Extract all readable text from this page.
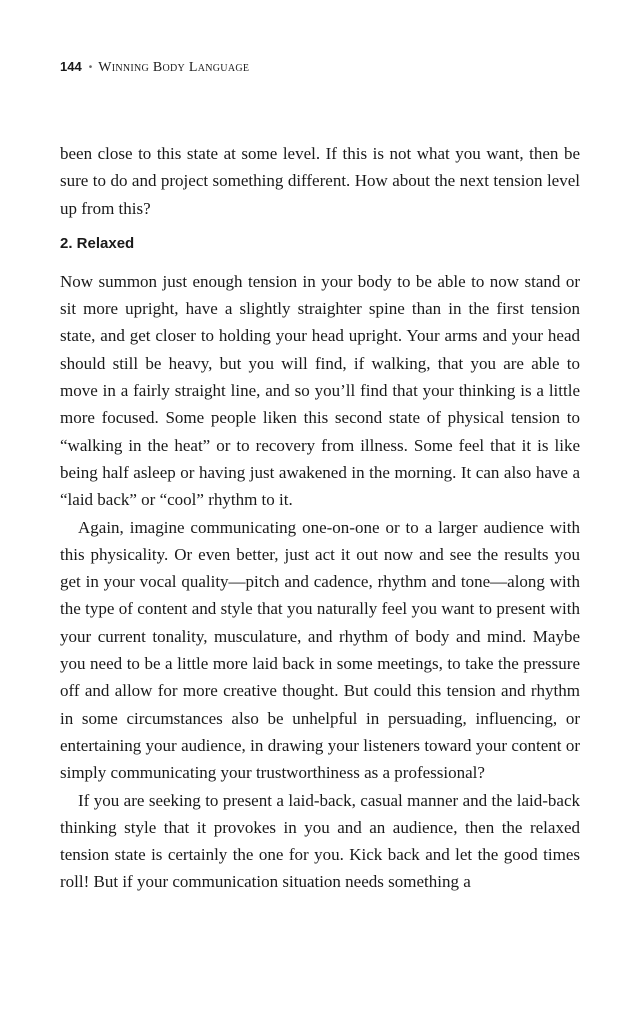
144 • Winning Body Language

been close to this state at some level. If this is not what you want, then be sure to do and project something different. How about the next tension level up from this?

2. Relaxed

Now summon just enough tension in your body to be able to now stand or sit more upright, have a slightly straighter spine than in the first tension state, and get closer to holding your head upright. Your arms and your head should still be heavy, but you will find, if walking, that you are able to move in a fairly straight line, and so you’ll find that your thinking is a little more focused. Some people liken this second state of physical tension to “walking in the heat” or to recovery from illness. Some feel that it is like being half asleep or having just awakened in the morning. It can also have a “laid back” or “cool” rhythm to it.

Again, imagine communicating one-on-one or to a larger audience with this physicality. Or even better, just act it out now and see the results you get in your vocal quality—pitch and cadence, rhythm and tone—along with the type of content and style that you naturally feel you want to present with your current tonality, musculature, and rhythm of body and mind. Maybe you need to be a little more laid back in some meetings, to take the pressure off and allow for more creative thought. But could this tension and rhythm in some circumstances also be unhelpful in persuading, influencing, or entertaining your audience, in drawing your listeners toward your content or simply communicating your trustworthiness as a professional?

If you are seeking to present a laid-back, casual manner and the laid-back thinking style that it provokes in you and an audience, then the relaxed tension state is certainly the one for you. Kick back and let the good times roll! But if your communication situation needs something a
